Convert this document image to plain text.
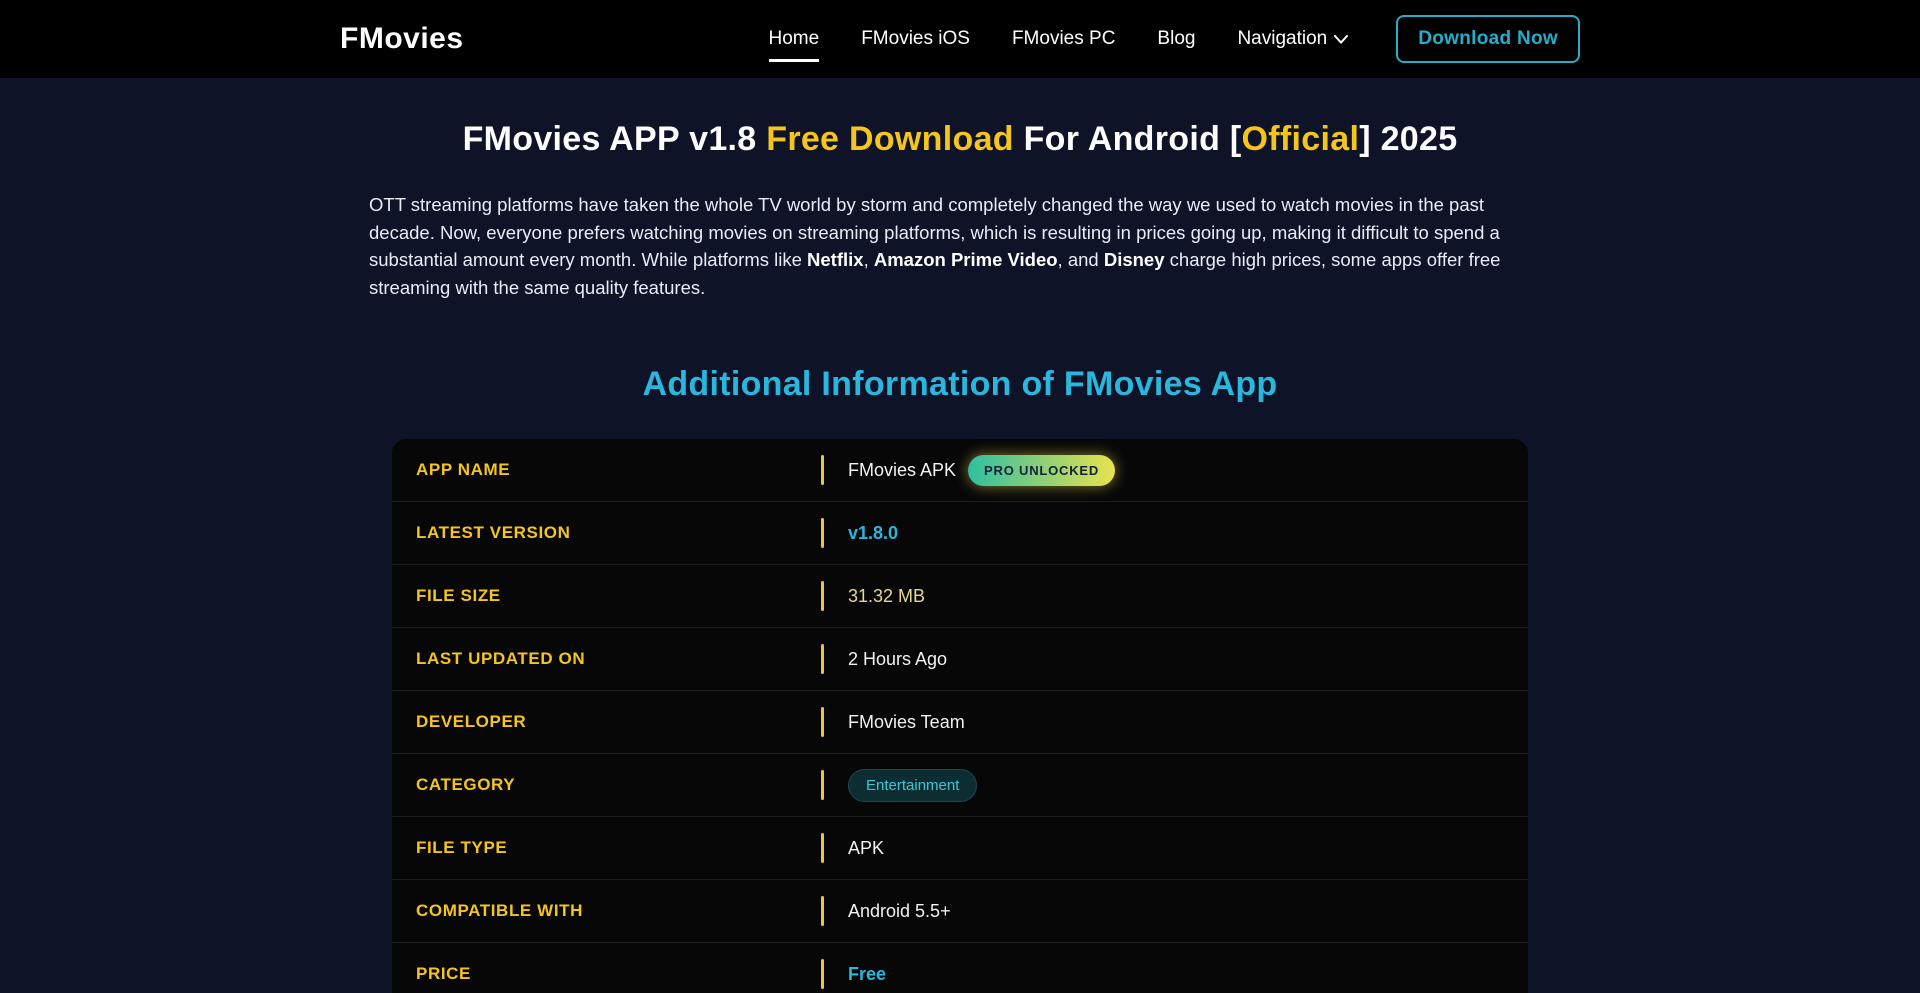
FMovies	Home FMovies iOS FMovies PC Blog Navigation	Download Now
FMovies APP v1.8 Free Download For Android [Official] 2025

OTT streaming platforms have taken the whole TV world by storm and completely changed the way we used to watch movies in the past decade. Now, everyone prefers watching movies on streaming platforms, which is resulting in prices going up, making it difficult to spend a substantial amount every month. While platforms like Netflix, Amazon Prime Video, and Disney charge high prices, some apps offer free streaming with the same quality features.

Additional Information of FMovies App
APP NAME	FMovies APK	PRO UNLOCKED
LATEST VERSION	v1.8.0
FILE SIZE	31.32 MB
LAST UPDATED ON	2 Hours Ago
DEVELOPER	FMovies Team
CATEGORY	Entertainment
FILE TYPE	APK
COMPATIBLE WITH	Android 5.5+
PRICE	Free
